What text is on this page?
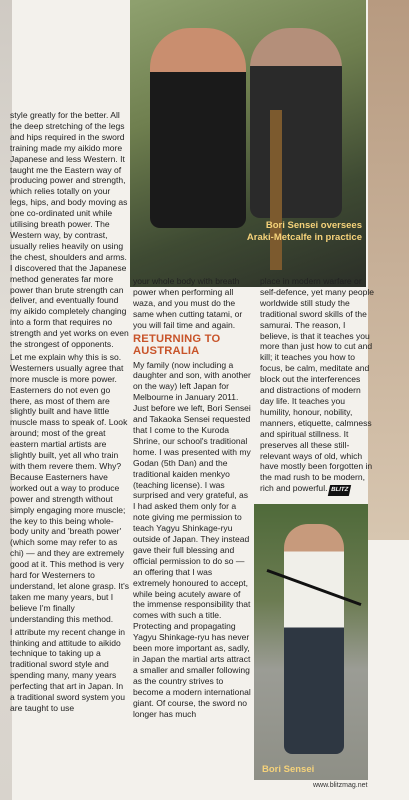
Bori Sensei oversees Araki-Metcalfe in practice

style greatly for the better. All the deep stretching of the legs and hips required in the sword training made my aikido more Japanese and less Western. It taught me the Eastern way of producing power and strength, which relies totally on your legs, hips, and body moving as one co-ordinated unit while utilising breath power. The Western way, by contrast, usually relies heavily on using the chest, shoulders and arms. I discovered that the Japanese method generates far more power than brute strength can deliver, and eventually found my aikido completely changing into a form that requires no strength and yet works on even the strongest of opponents.

Let me explain why this is so. Westerners usually agree that more muscle is more power. Easterners do not even go there, as most of them are slightly built and have little muscle mass to speak of. Look around; most of the great eastern martial artists are slightly built, yet all who train with them revere them. Why? Because Easterners have worked out a way to produce power and strength without simply engaging more muscle; the key to this being whole-body unity and 'breath power' (which some may refer to as chi) — and they are extremely good at it. This method is very hard for Westerners to understand, let alone grasp. It's taken me many years, but I believe I'm finally understanding this method.

I attribute my recent change in thinking and attitude to aikido technique to taking up a traditional sword style and spending many, many years perfecting that art in Japan. In a traditional sword system you are taught to use

your whole body with breath power when performing all waza, and you must do the same when cutting tatami, or you will fail time and again.

RETURNING TO AUSTRALIA

My family (now including a daughter and son, with another on the way) left Japan for Melbourne in January 2011. Just before we left, Bori Sensei and Takaoka Sensei requested that I come to the Kuroda Shrine, our school's traditional home. I was presented with my Godan (5th Dan) and the traditional kaiden menkyo (teaching license). I was surprised and very grateful, as I had asked them only for a note giving me permission to teach Yagyu Shinkage-ryu outside of Japan. They instead gave their full blessing and official permission to do so — an offering that I was extremely honoured to accept, while being acutely aware of the immense responsibility that comes with such a title. Protecting and propagating Yagyu Shinkage-ryu has never been more important as, sadly, in Japan the martial arts attract a smaller and smaller following as the country strives to become a modern international giant. Of course, the sword no longer has much

place in modern warfare or self-defence, yet many people worldwide still study the traditional sword skills of the samurai. The reason, I believe, is that it teaches you more than just how to cut and kill; it teaches you how to focus, be calm, meditate and block out the interferences and distractions of modern day life. It teaches you humility, honour, nobility, manners, etiquette, calmness and spiritual stillness. It preserves all these still-relevant ways of old, which have mostly been forgotten in the mad rush to be modern, rich and powerful. BLITZ

Bori Sensei
www.blitzmag.net
